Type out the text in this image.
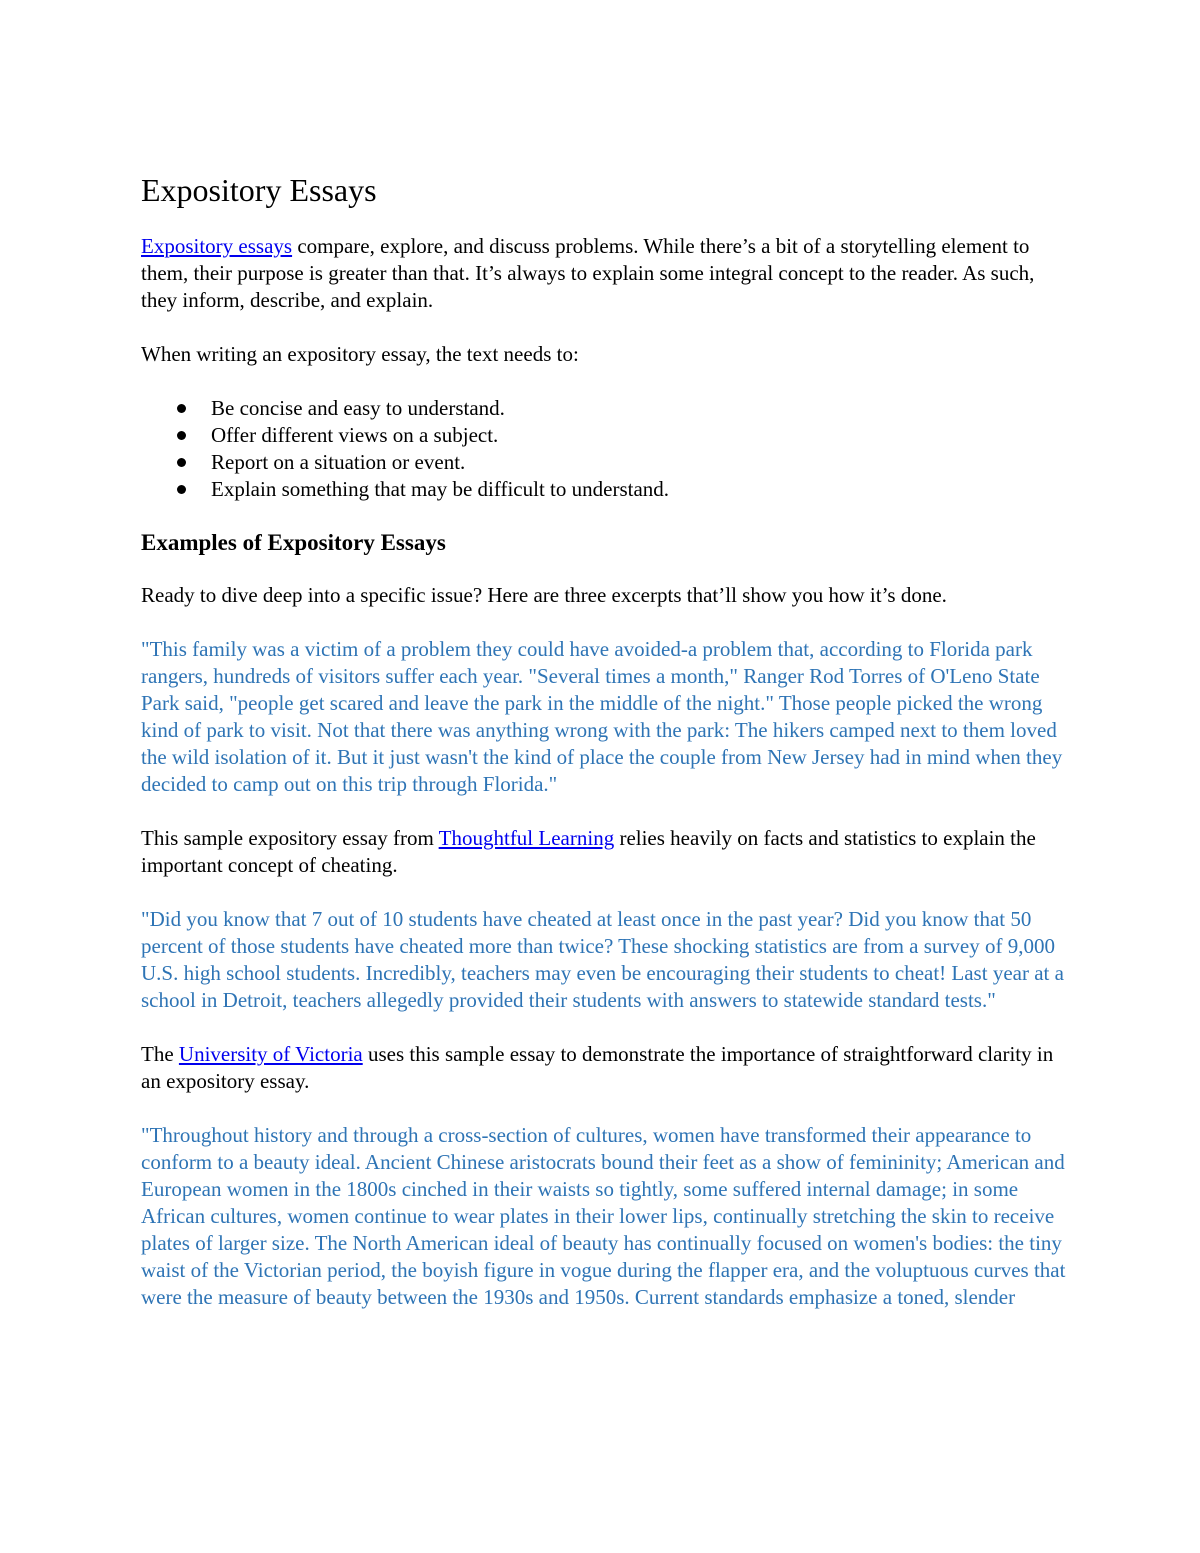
Expository Essays

Expository essays compare, explore, and discuss problems. While there’s a bit of a storytelling element to them, their purpose is greater than that. It’s always to explain some integral concept to the reader. As such, they inform, describe, and explain.

When writing an expository essay, the text needs to:

Be concise and easy to understand.
Offer different views on a subject.
Report on a situation or event.
Explain something that may be difficult to understand.
Examples of Expository Essays

Ready to dive deep into a specific issue? Here are three excerpts that’ll show you how it’s done.

"This family was a victim of a problem they could have avoided-a problem that, according to Florida park rangers, hundreds of visitors suffer each year. "Several times a month," Ranger Rod Torres of O'Leno State Park said, "people get scared and leave the park in the middle of the night." Those people picked the wrong kind of park to visit. Not that there was anything wrong with the park: The hikers camped next to them loved the wild isolation of it. But it just wasn't the kind of place the couple from New Jersey had in mind when they decided to camp out on this trip through Florida."

This sample expository essay from Thoughtful Learning relies heavily on facts and statistics to explain the important concept of cheating.

"Did you know that 7 out of 10 students have cheated at least once in the past year? Did you know that 50 percent of those students have cheated more than twice? These shocking statistics are from a survey of 9,000 U.S. high school students. Incredibly, teachers may even be encouraging their students to cheat! Last year at a school in Detroit, teachers allegedly provided their students with answers to statewide standard tests."

The University of Victoria uses this sample essay to demonstrate the importance of straightforward clarity in an expository essay.

"Throughout history and through a cross-section of cultures, women have transformed their appearance to conform to a beauty ideal. Ancient Chinese aristocrats bound their feet as a show of femininity; American and European women in the 1800s cinched in their waists so tightly, some suffered internal damage; in some African cultures, women continue to wear plates in their lower lips, continually stretching the skin to receive plates of larger size. The North American ideal of beauty has continually focused on women's bodies: the tiny waist of the Victorian period, the boyish figure in vogue during the flapper era, and the voluptuous curves that were the measure of beauty between the 1930s and 1950s. Current standards emphasize a toned, slender
